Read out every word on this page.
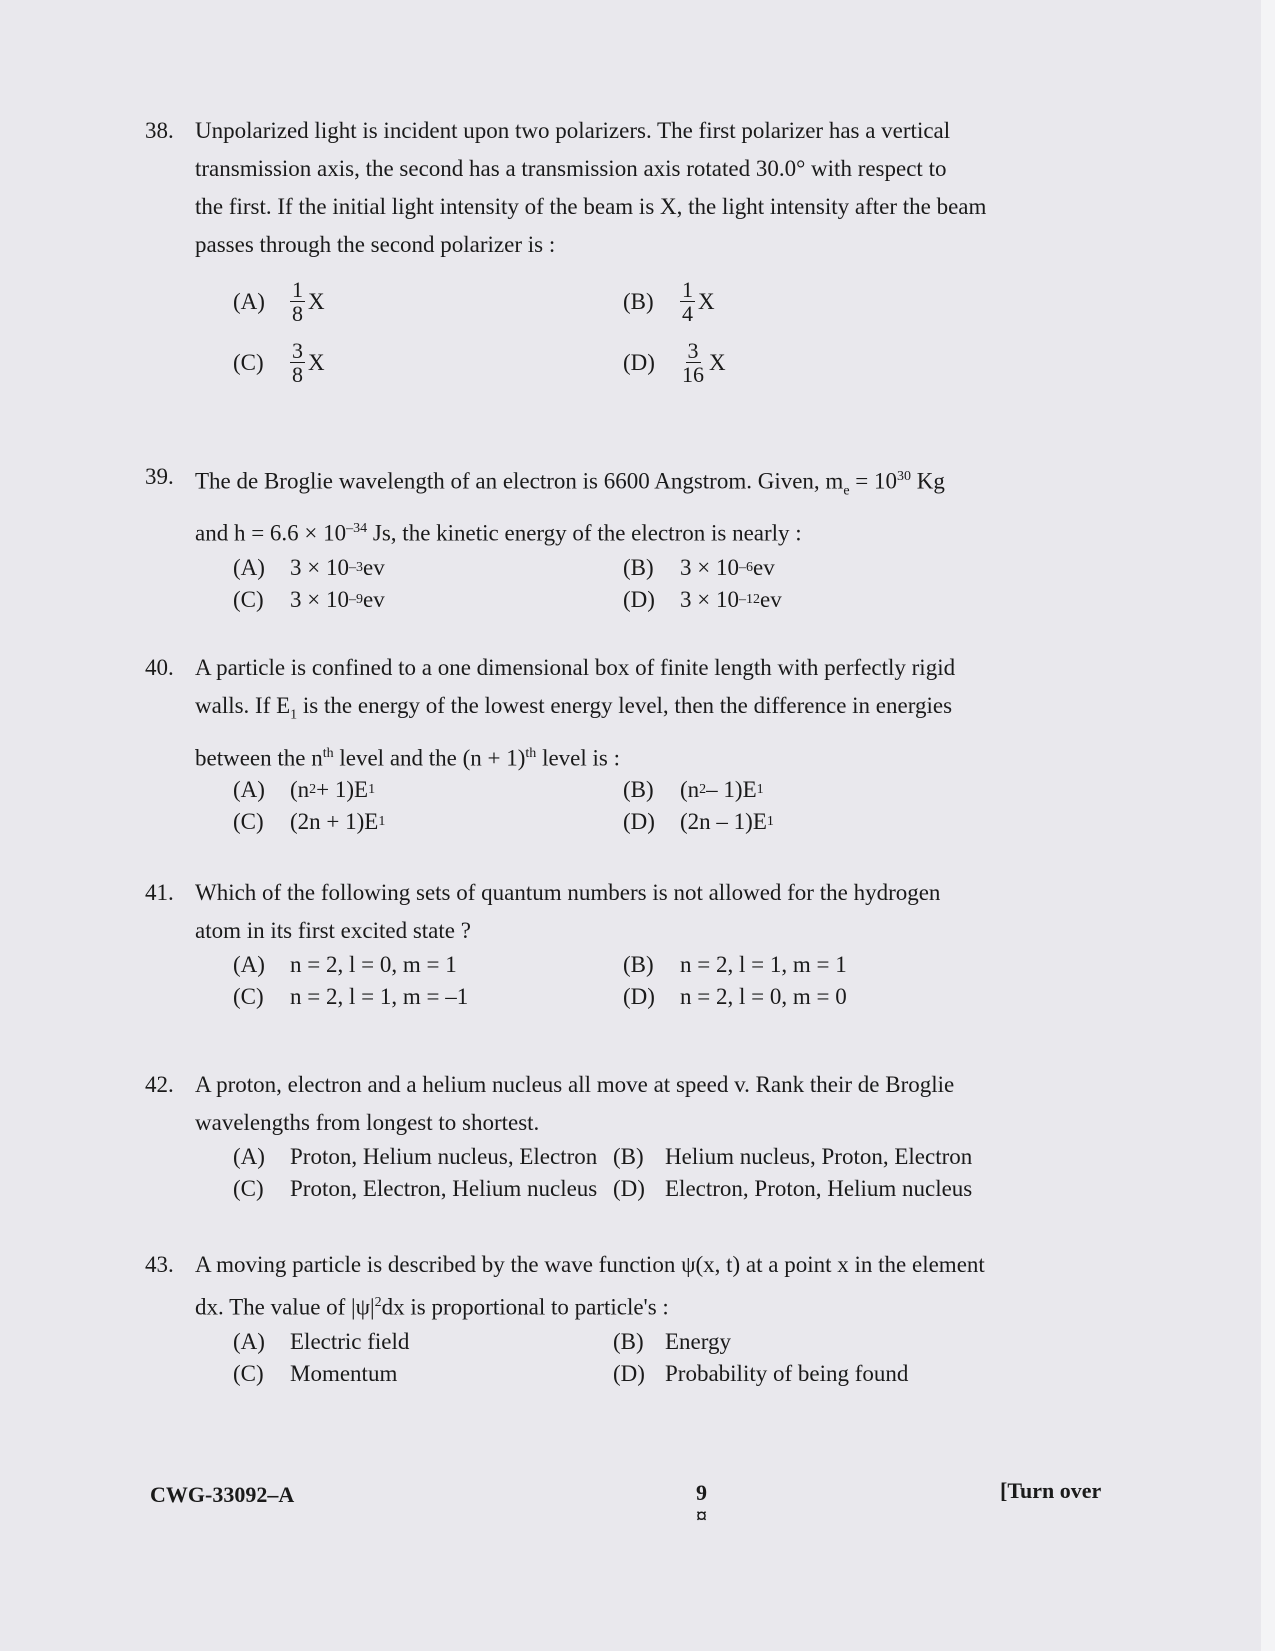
38. Unpolarized light is incident upon two polarizers. The first polarizer has a vertical
transmission axis, the second has a transmission axis rotated 30.0° with respect to
the first. If the initial light intensity of the beam is X, the light intensity after the beam
passes through the second polarizer is :
(A)	$\frac{1}{8}$ X	(B)	$\frac{1}{4}$ X
(C)	$\frac{3}{8}$ X	(D)	$\frac{3}{16}$ X
39. The de Broglie wavelength of an electron is 6600 Angstrom. Given, $m_e = 10^{30}$ Kg
and $h = 6.6 \times 10^{-34}$ Js, the kinetic energy of the electron is nearly :
(A)	3 × 10 –3 ev	(B)	3 × 10 –6 ev
(C)	3 × 10 –9 ev	(D)	3 × 10 –12 ev
40. A particle is confined to a one dimensional box of finite length with perfectly rigid
walls. If $E_1$ is the energy of the lowest energy level, then the difference in energies
between the $n^{th}$ level and the $(n + 1)^{th}$ level is :
(A)	(n 2 + 1)E 1	(B)	(n 2 – 1)E 1
(C)	(2n + 1)E 1	(D)	(2n – 1)E 1
41. Which of the following sets of quantum numbers is not allowed for the hydrogen
atom in its first excited state ?
(A)	n = 2, l = 0, m = 1	(B)	n = 2, l = 1, m = 1
(C)	n = 2, l = 1, m = –1	(D)	n = 2, l = 0, m = 0
42. A proton, electron and a helium nucleus all move at speed v. Rank their de Broglie
wavelengths from longest to shortest.
(A)	Proton, Helium nucleus, Electron (B) Helium nucleus, Proton, Electron
(C)	Proton, Electron, Helium nucleus (D) Electron, Proton, Helium nucleus
43. A moving particle is described by the wave function ψ(x, t) at a point x in the element
dx. The value of $|\psi|^2dx$ is proportional to particle's :
(A)	Electric field	(B) Energy
(C)	Momentum	(D) Probability of being found
CWG-33092–A	9
¤
[Turn over
